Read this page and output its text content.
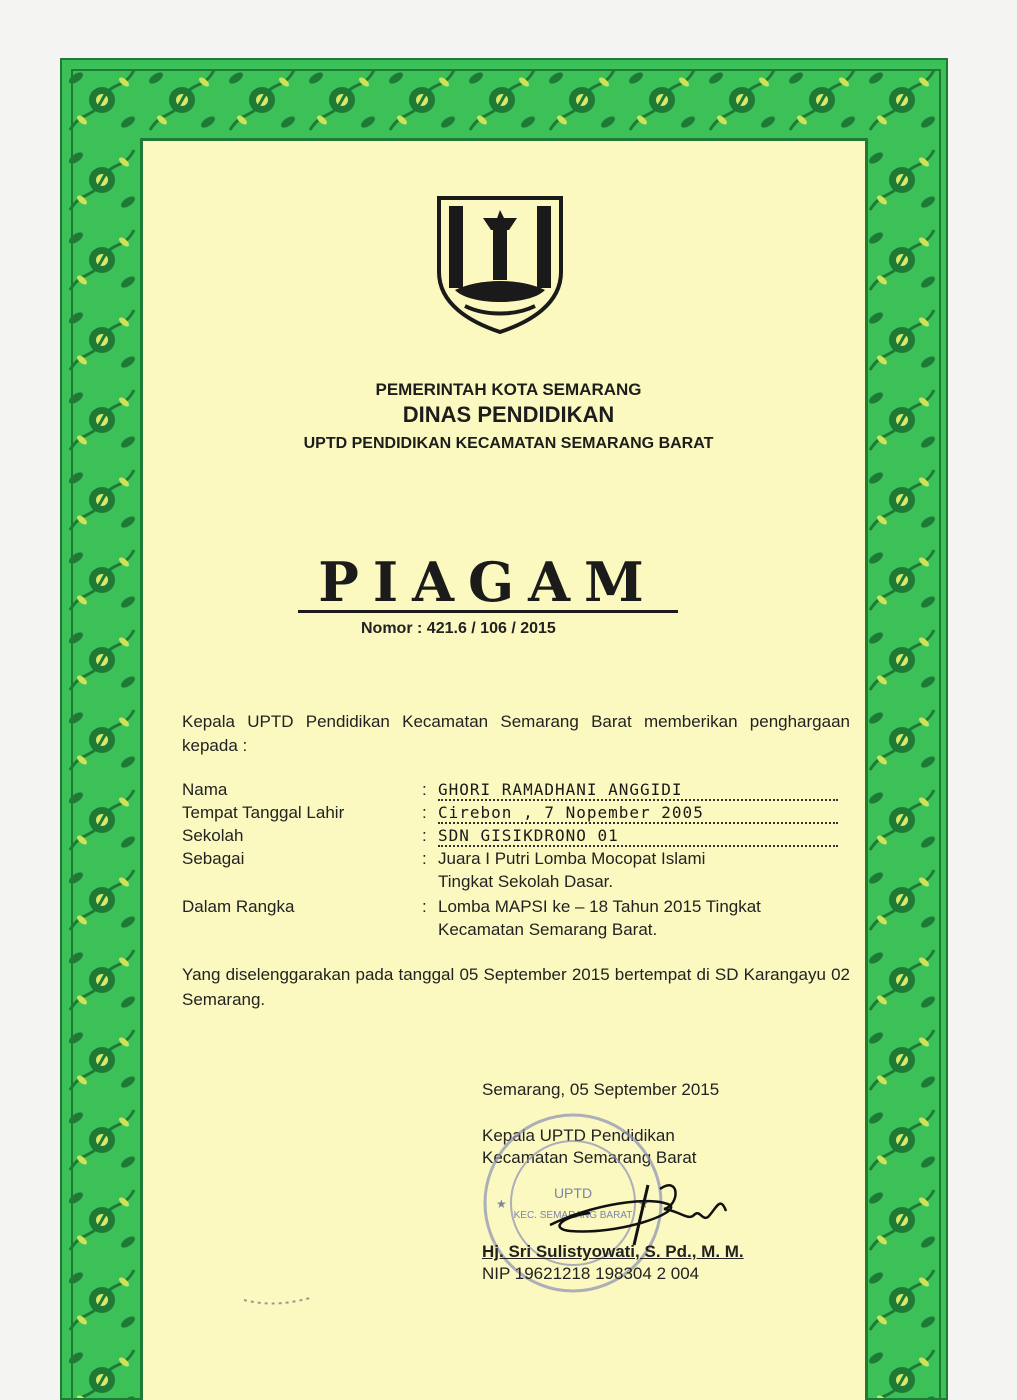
PEMERINTAH KOTA SEMARANG
DINAS PENDIDIKAN
UPTD PENDIDIKAN KECAMATAN SEMARANG BARAT
PIAGAM
Nomor : 421.6 / 106 / 2015
Kepala UPTD Pendidikan Kecamatan Semarang Barat memberikan penghargaan kepada :
Nama	: GHORI RAMADHANI ANGGIDI
Tempat Tanggal Lahir	: Cirebon , 7 Nopember 2005
Sekolah	: SDN GISIKDRONO 01
Sebagai	: Juara I Putri Lomba Mocopat Islami
Tingkat Sekolah Dasar.
Dalam Rangka	: Lomba MAPSI ke – 18 Tahun 2015 Tingkat
Kecamatan Semarang Barat.
Yang diselenggarakan pada tanggal 05 September 2015 bertempat di SD Karangayu 02 Semarang.
Semarang, 05 September 2015
Kepala UPTD Pendidikan
Kecamatan Semarang Barat
UPTD
KEC. SEMARANG BARAT
★	★
Hj. Sri Sulistyowati, S. Pd., M. M.
NIP 19621218 198304 2 004
